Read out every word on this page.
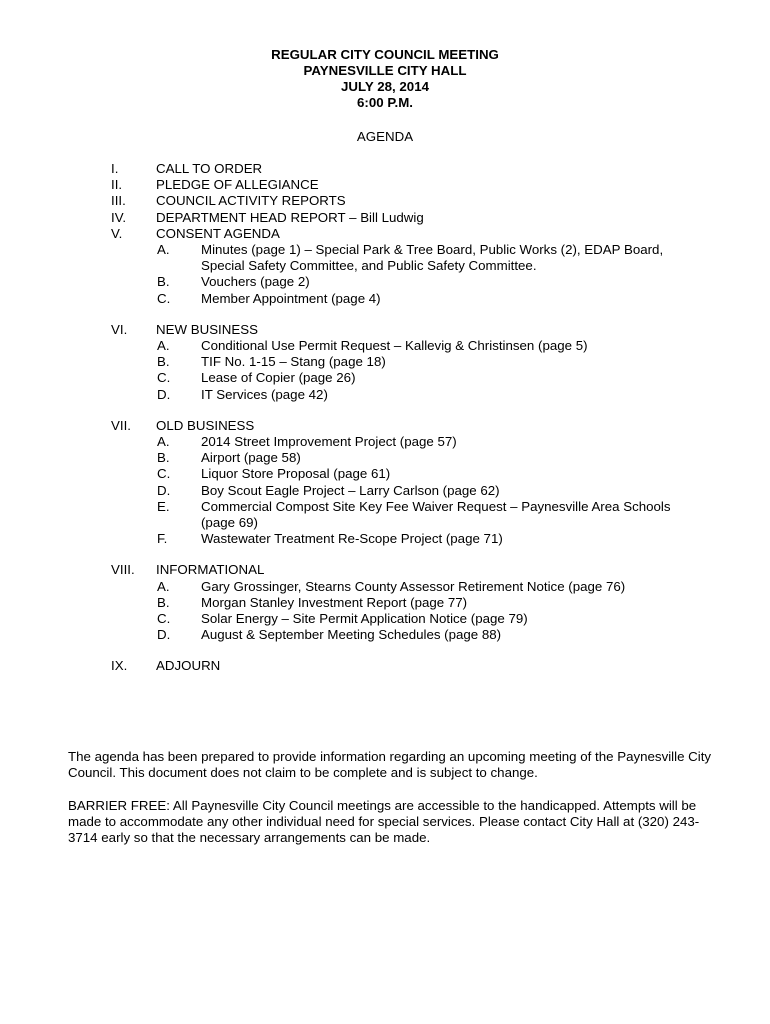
REGULAR CITY COUNCIL MEETING
PAYNESVILLE CITY HALL
JULY 28, 2014
6:00 P.M.
AGENDA
I.	CALL TO ORDER
II.	PLEDGE OF ALLEGIANCE
III. COUNCIL ACTIVITY REPORTS
IV. DEPARTMENT HEAD REPORT – Bill Ludwig
V.	CONSENT AGENDA
A. Minutes (page 1) – Special Park & Tree Board, Public Works (2), EDAP Board, Special Safety Committee, and Public Safety Committee.
B. Vouchers (page 2)
C. Member Appointment (page 4)
VI. NEW BUSINESS
A. Conditional Use Permit Request – Kallevig & Christinsen (page 5)
B. TIF No. 1-15 – Stang (page 18)
C. Lease of Copier (page 26)
D. IT Services (page 42)
VII. OLD BUSINESS
A. 2014 Street Improvement Project (page 57)
B. Airport (page 58)
C. Liquor Store Proposal (page 61)
D. Boy Scout Eagle Project – Larry Carlson (page 62)
E. Commercial Compost Site Key Fee Waiver Request – Paynesville Area Schools (page 69)
F.	Wastewater Treatment Re-Scope Project (page 71)
VIII. INFORMATIONAL
A. Gary Grossinger, Stearns County Assessor Retirement Notice (page 76)
B. Morgan Stanley Investment Report (page 77)
C. Solar Energy – Site Permit Application Notice (page 79)
D. August & September Meeting Schedules (page 88)
IX. ADJOURN
The agenda has been prepared to provide information regarding an upcoming meeting of the Paynesville City Council. This document does not claim to be complete and is subject to change.
BARRIER FREE: All Paynesville City Council meetings are accessible to the handicapped. Attempts will be made to accommodate any other individual need for special services. Please contact City Hall at (320) 243-3714 early so that the necessary arrangements can be made.
